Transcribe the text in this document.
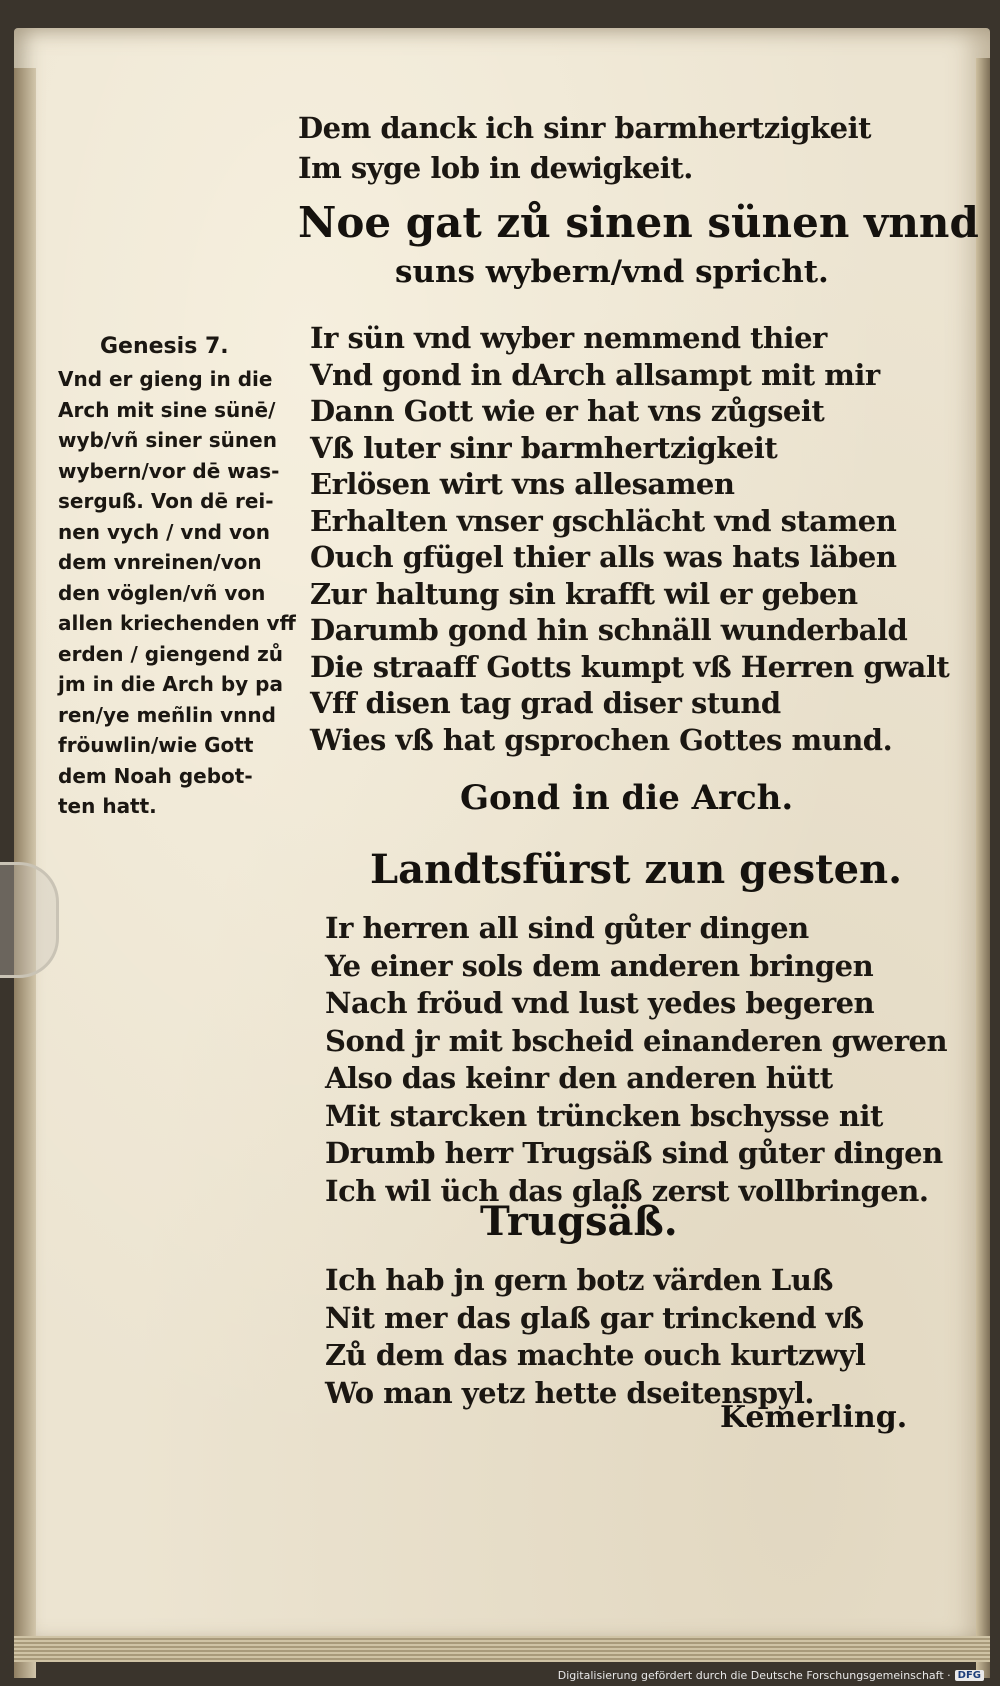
Dem danck ich sinr barmhertzigkeit
Im syge lob in dewigkeit.
Noe gat zů sinen sünen vnnd
suns wybern/vnd spricht.
Genesis 7.
Vnd er gieng in die
Arch mit sine sünē/
wyb/vñ siner sünen
wybern/vor dē was-
serguß. Von dē rei-
nen vych / vnd von
dem vnreinen/von
den vöglen/vñ von
allen kriechenden vff
erden / giengend zů
jm in die Arch by pa
ren/ye meñlin vnnd
fröuwlin/wie Gott
dem Noah gebot-
ten hatt.
Ir sün vnd wyber nemmend thier
Vnd gond in dArch allsampt mit mir
Dann Gott wie er hat vns zůgseit
Vß luter sinr barmhertzigkeit
Erlösen wirt vns allesamen
Erhalten vnser gschlächt vnd stamen
Ouch gfügel thier alls was hats läben
Zur haltung sin krafft wil er geben
Darumb gond hin schnäll wunderbald
Die straaff Gotts kumpt vß Herren gwalt
Vff disen tag grad diser stund
Wies vß hat gsprochen Gottes mund.
Gond in die Arch.
Landtsfürst zun gesten.
Ir herren all sind gůter dingen
Ye einer sols dem anderen bringen
Nach fröud vnd lust yedes begeren
Sond jr mit bscheid einanderen gweren
Also das keinr den anderen hütt
Mit starcken trüncken bschysse nit
Drumb herr Trugsäß sind gůter dingen
Ich wil üch das glaß zerst vollbringen.
Trugsäß.
Ich hab jn gern botz värden Luß
Nit mer das glaß gar trinckend vß
Zů dem das machte ouch kurtzwyl
Wo man yetz hette dseitenspyl.
Kemerling.
Digitalisierung gefördert durch die Deutsche Forschungsgemeinschaft · DFG
